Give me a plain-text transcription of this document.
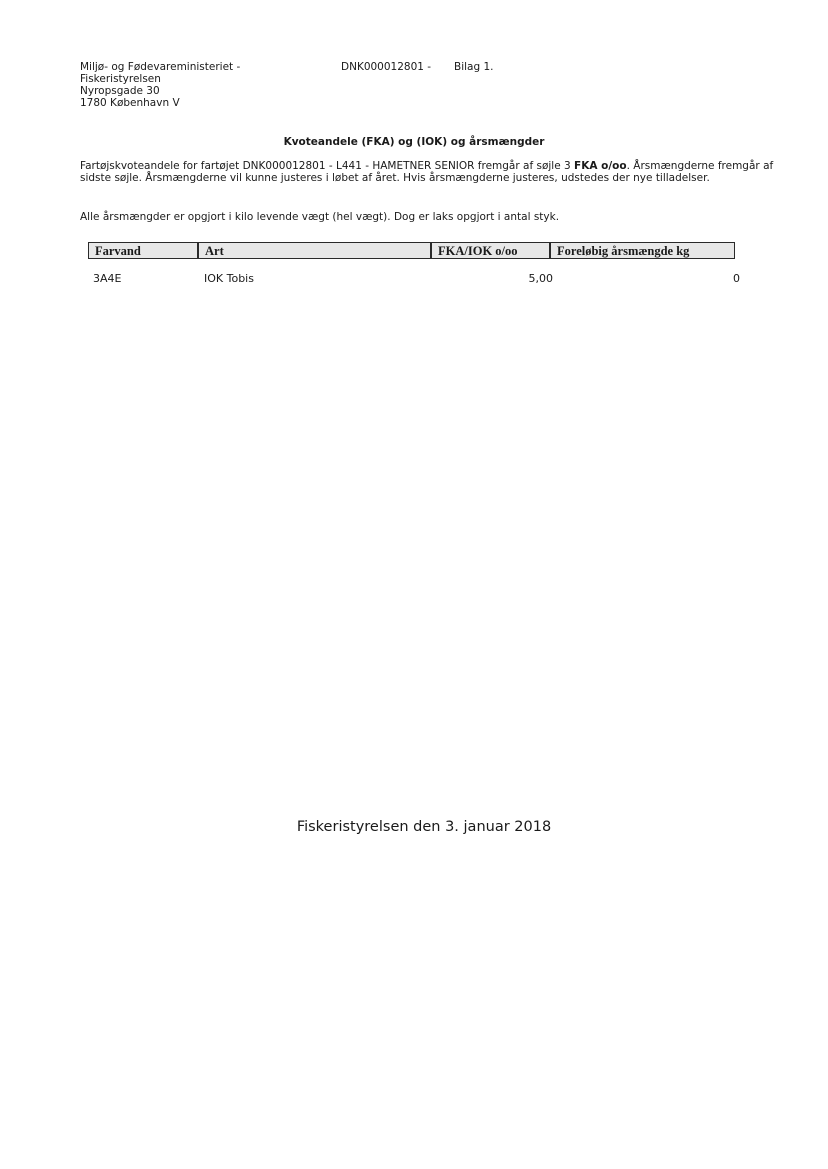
Miljø- og Fødevareministeriet -
Fiskeristyrelsen
Nyropsgade 30
1780 København V
DNK000012801 - Bilag 1.
Kvoteandele (FKA) og (IOK) og årsmængder
Fartøjskvoteandele for fartøjet DNK000012801 - L441 - HAMETNER SENIOR fremgår af søjle 3 FKA o/oo. Årsmængderne fremgår af sidste søjle. Årsmængderne vil kunne justeres i løbet af året. Hvis årsmængderne justeres, udstedes der nye tilladelser.
Alle årsmængder er opgjort i kilo levende vægt (hel vægt). Dog er laks opgjort i antal styk.
Farvand	Art	FKA/IOK o/oo	Foreløbig årsmængde kg
3A4E	IOK Tobis	5,00	0
Fiskeristyrelsen den 3. januar 2018
